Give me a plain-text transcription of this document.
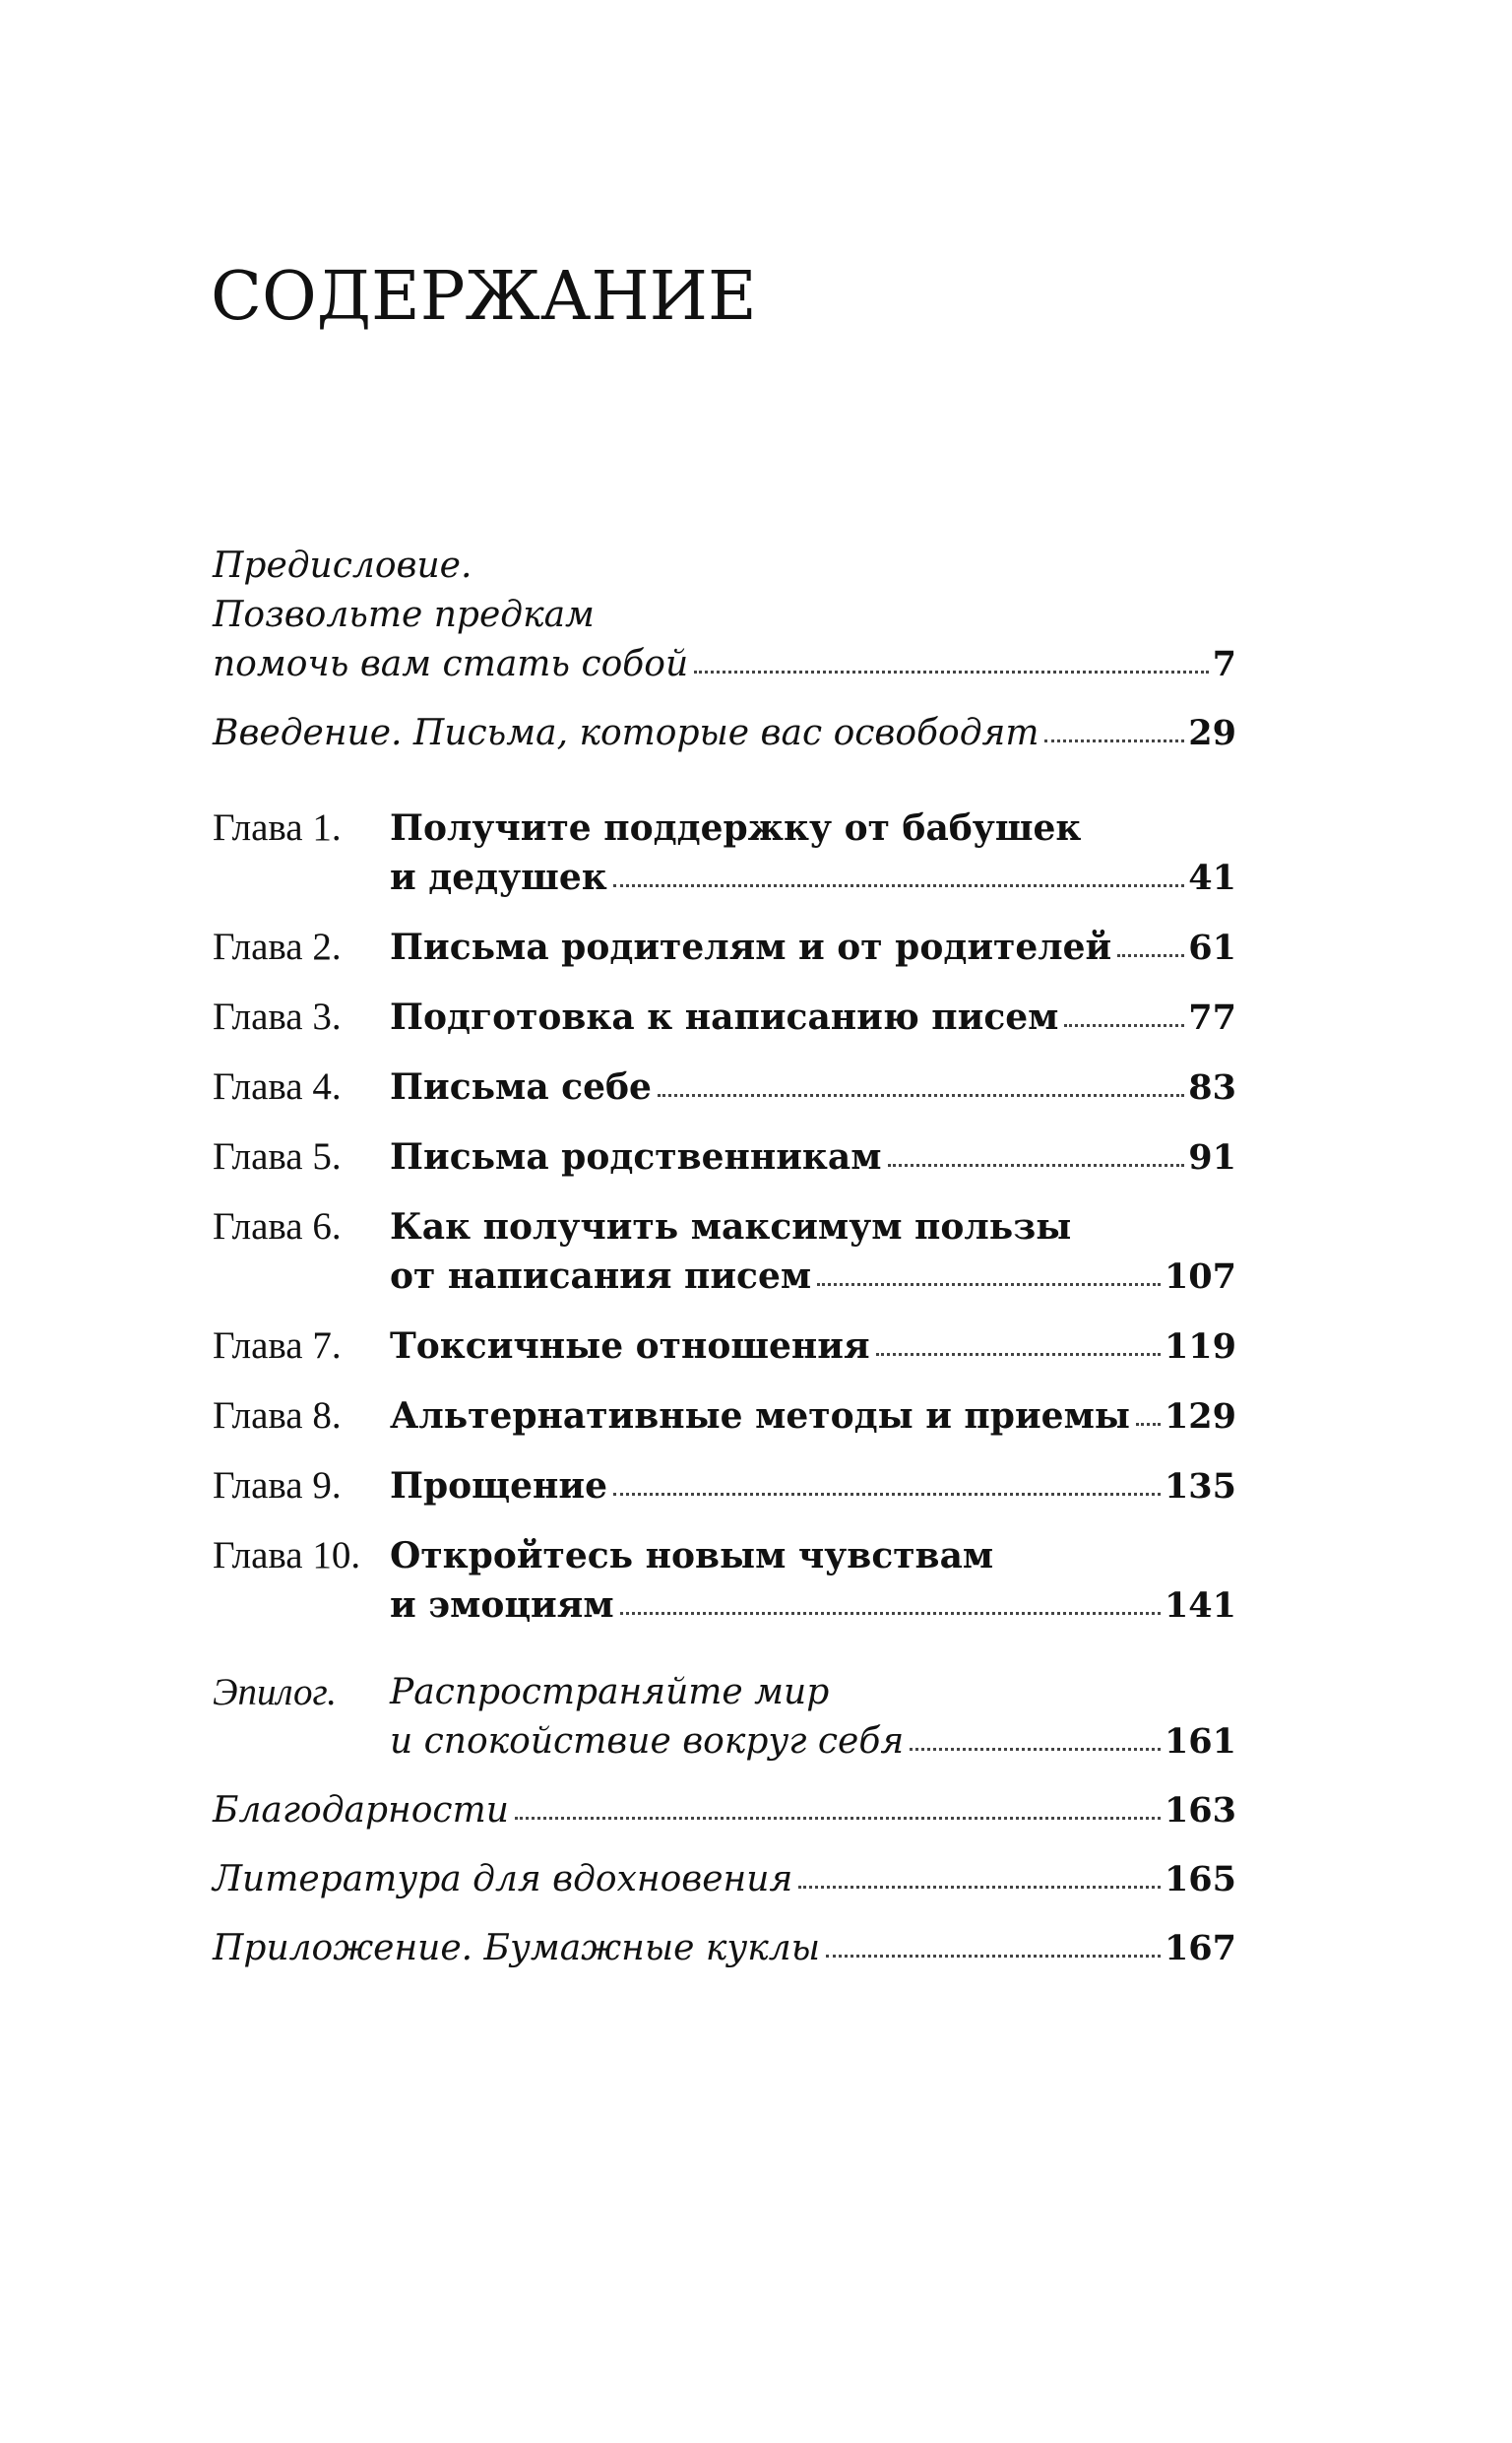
СОДЕРЖАНИЕ
Предисловие.
Позвольте предкам
помочь вам стать собой	7
Введение. Письма, которые вас освободят	29
Глава 1.	Получите поддержку от бабушек
и дедушек	41
Глава 2.	Письма родителям и от родителей 61
Глава 3.	Подготовка к написанию писем	77
Глава 4.	Письма себе	83
Глава 5.	Письма родственникам	91
Глава 6.	Как получить максимум пользы
от написания писем	107
Глава 7.	Токсичные отношения	119
Глава 8.	Альтернативные методы и приемы 129
Глава 9.	Прощение	135
Глава 10. Откройтесь новым чувствам
и эмоциям	141
Эпилог.	Распространяйте мир
и спокойствие вокруг себя	161
Благодарности	163
Литература для вдохновения	165
Приложение. Бумажные куклы	167
